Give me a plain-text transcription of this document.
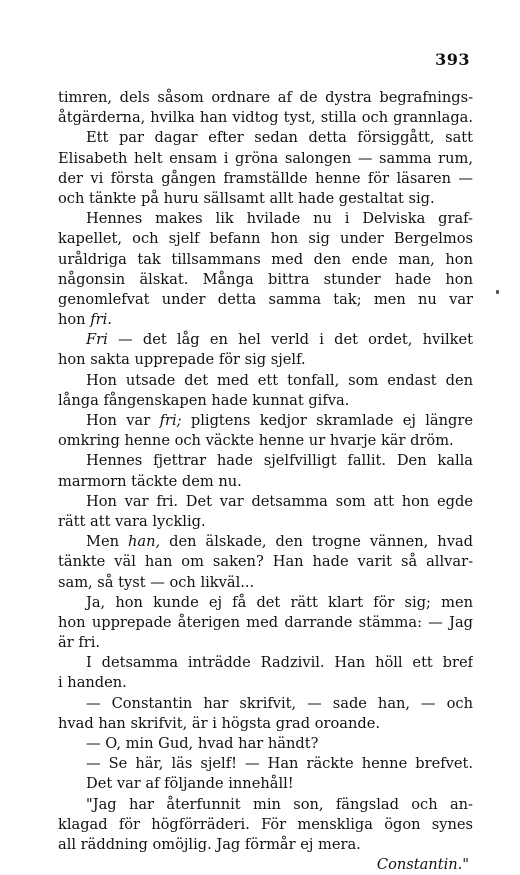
393
timren, dels såsom ordnare af de dystra begrafnings-
åtgärderna, hvilka han vidtog tyst, stilla och grannlaga.
Ett par dagar efter sedan detta försiggått, satt
Elisabeth helt ensam i gröna salongen — samma rum,
der vi första gången framställde henne för läsaren —
och tänkte på huru sällsamt allt hade gestaltat sig.
Hennes makes lik hvilade nu i Delviska graf-
kapellet, och sjelf befann hon sig under Bergelmos
uråldriga tak tillsammans med den ende man, hon
någonsin älskat. Många bittra stunder hade hon
genomlefvat under detta samma tak; men nu var
hon fri.
Fri — det låg en hel verld i det ordet, hvilket
hon sakta upprepade för sig sjelf.
Hon utsade det med ett tonfall, som endast den
långa fångenskapen hade kunnat gifva.
Hon var fri; pligtens kedjor skramlade ej längre
omkring henne och väckte henne ur hvarje kär dröm.
Hennes fjettrar hade sjelfvilligt fallit. Den kalla
marmorn täckte dem nu.
Hon var fri. Det var detsamma som att hon egde
rätt att vara lycklig.
Men han, den älskade, den trogne vännen, hvad
tänkte väl han om saken? Han hade varit så allvar-
sam, så tyst — och likväl...
Ja, hon kunde ej få det rätt klart för sig; men
hon upprepade återigen med darrande stämma: — Jag
är fri.
I detsamma inträdde Radzivil. Han höll ett bref
i handen.
— Constantin har skrifvit, — sade han, — och
hvad han skrifvit, är i högsta grad oroande.
— O, min Gud, hvad har händt?
— Se här, läs sjelf! — Han räckte henne brefvet.
Det var af följande innehåll!
"Jag har återfunnit min son, fängslad och an-
klagad för högförräderi. För menskliga ögon synes
all räddning omöjlig. Jag förmår ej mera.
Constantin."
